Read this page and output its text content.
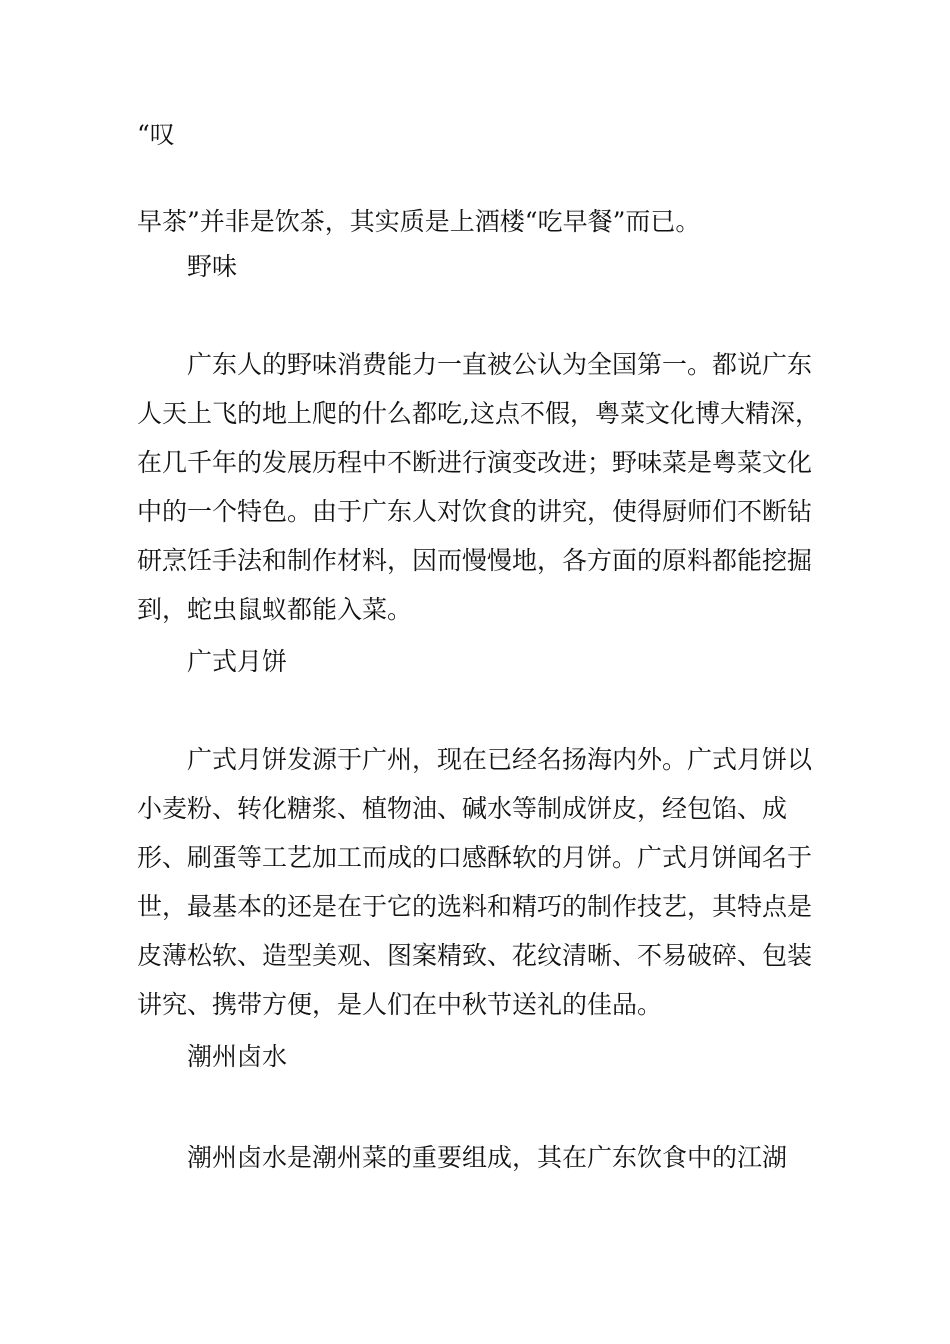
“叹
早茶”并非是饮茶，其实质是上酒楼“吃早餐”而已。
野味
广东人的野味消费能力一直被公认为全国第一。都说广东人天上飞的地上爬的什么都吃,这点不假，粤菜文化博大精深，在几千年的发展历程中不断进行演变改进；野味菜是粤菜文化中的一个特色。由于广东人对饮食的讲究，使得厨师们不断钻研烹饪手法和制作材料，因而慢慢地，各方面的原料都能挖掘到，蛇虫鼠蚁都能入菜。
广式月饼
广式月饼发源于广州，现在已经名扬海内外。广式月饼以小麦粉、转化糖浆、植物油、碱水等制成饼皮，经包馅、成形、刷蛋等工艺加工而成的口感酥软的月饼。广式月饼闻名于世，最基本的还是在于它的选料和精巧的制作技艺，其特点是皮薄松软、造型美观、图案精致、花纹清晰、不易破碎、包装讲究、携带方便，是人们在中秋节送礼的佳品。
潮州卤水
潮州卤水是潮州菜的重要组成，其在广东饮食中的江湖
